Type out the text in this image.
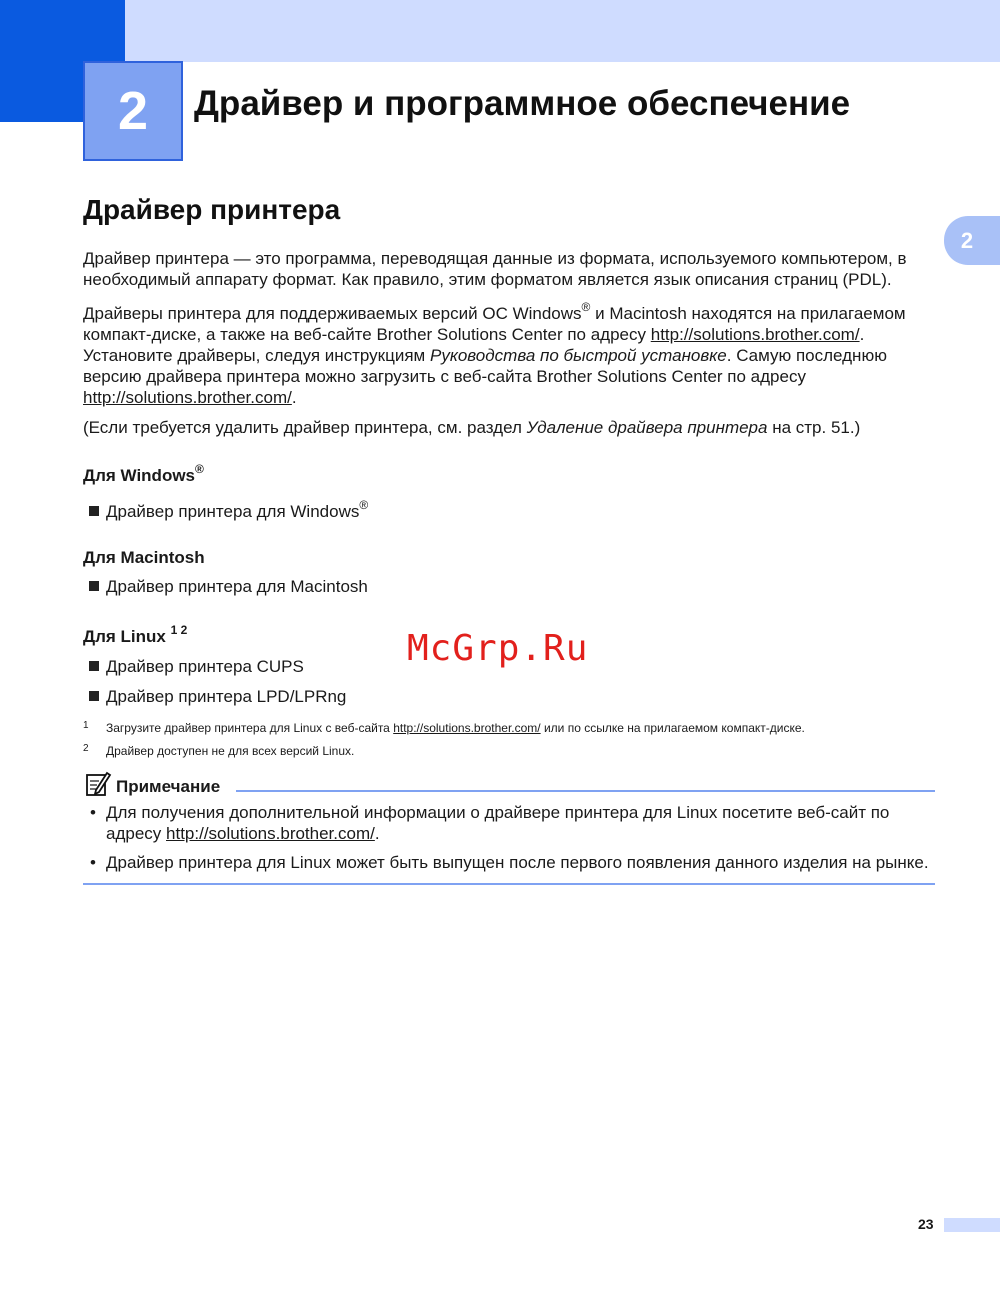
2 Драйвер и программное обеспечение
2
Драйвер принтера

Драйвер принтера — это программа, переводящая данные из формата, используемого компьютером, в необходимый аппарату формат. Как правило, этим форматом является язык описания страниц (PDL).

Драйверы принтера для поддерживаемых версий ОС Windows® и Macintosh находятся на прилагаемом компакт-диске, а также на веб-сайте Brother Solutions Center по адресу http://solutions.brother.com/. Установите драйверы, следуя инструкциям Руководства по быстрой установке. Самую последнюю версию драйвера принтера можно загрузить с веб-сайта Brother Solutions Center по адресу http://solutions.brother.com/.

(Если требуется удалить драйвер принтера, см. раздел Удаление драйвера принтера на стр. 51.)

Для Windows®

Драйвер принтера для Windows®

Для Macintosh

Драйвер принтера для Macintosh

Для Linux $^{1 2}$

Драйвер принтера CUPS
Драйвер принтера LPD/LPRng
McGrp.Ru
1 Загрузите драйвер принтера для Linux с веб-сайта http://solutions.brother.com/ или по ссылке на прилагаемом компакт-диске.
2 Драйвер доступен не для всех версий Linux.
Примечание

• Для получения дополнительной информации о драйвере принтера для Linux посетите веб-сайт по
адресу http://solutions.brother.com/.

• Драйвер принтера для Linux может быть выпущен после первого появления данного изделия на рынке.

23
